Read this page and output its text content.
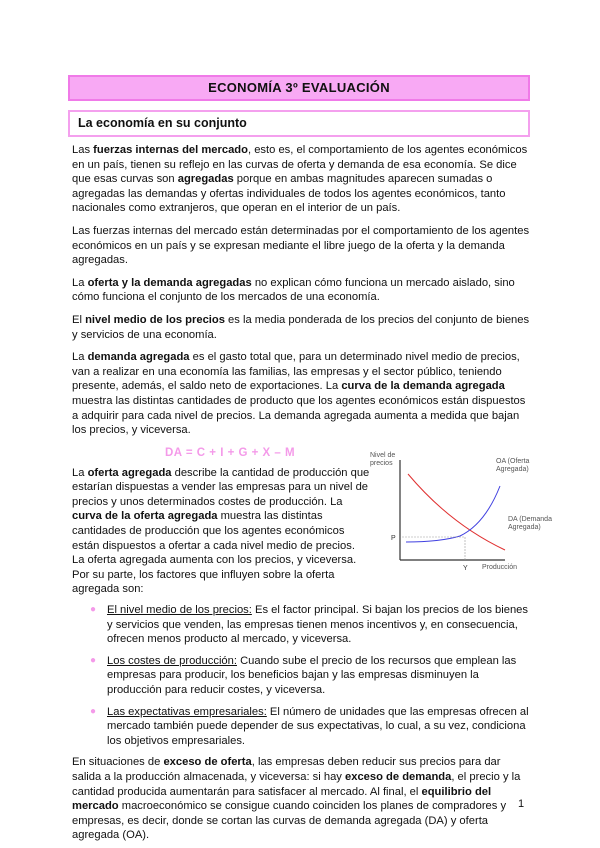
ECONOMÍA 3º EVALUACIÓN
La economía en su conjunto

Las fuerzas internas del mercado, esto es, el comportamiento de los agentes económicos en un país, tienen su reflejo en las curvas de oferta y demanda de esa economía. Se dice que esas curvas son agregadas porque en ambas magnitudes aparecen sumadas o agregadas las demandas y ofertas individuales de todos los agentes económicos, tanto nacionales como extranjeros, que operan en el interior de un país.

Las fuerzas internas del mercado están determinadas por el comportamiento de los agentes económicos en un país y se expresan mediante el libre juego de la oferta y la demanda agregadas.

La oferta y la demanda agregadas no explican cómo funciona un mercado aislado, sino cómo funciona el conjunto de los mercados de una economía.

El nivel medio de los precios es la media ponderada de los precios del conjunto de bienes y servicios de una economía.

La demanda agregada es el gasto total que, para un determinado nivel medio de precios, van a realizar en una economía las familias, las empresas y el sector público, teniendo presente, además, el saldo neto de exportaciones. La curva de la demanda agregada muestra las distintas cantidades de producto que los agentes económicos están dispuestos a adquirir para cada nivel de precios. La demanda agregada aumenta a medida que bajan los precios, y viceversa.

DA = C + I + G + X – M

La oferta agregada describe la cantidad de producción que estarían dispuestas a vender las empresas para un nivel de precios y unos determinados costes de producción. La curva de la oferta agregada muestra las distintas cantidades de producción que los agentes económicos están dispuestos a ofertar a cada nivel medio de precios. La oferta agregada aumenta con los precios, y viceversa. Por su parte, los factores que influyen sobre la oferta agregada son:

P
Y
Nivel de precios
Producción
OA (Oferta Agregada)
DA (Demanda Agregada)
● El nivel medio de los precios: Es el factor principal. Si bajan los precios de los bienes y servicios que venden, las empresas tienen menos incentivos y, en consecuencia, ofrecen menos producto al mercado, y viceversa.
● Los costes de producción: Cuando sube el precio de los recursos que emplean las empresas para producir, los beneficios bajan y las empresas disminuyen la producción para reducir costes, y viceversa.
● Las expectativas empresariales: El número de unidades que las empresas ofrecen al mercado también puede depender de sus expectativas, lo cual, a su vez, condiciona los objetivos empresariales.

En situaciones de exceso de oferta, las empresas deben reducir sus precios para dar salida a la producción almacenada, y viceversa: si hay exceso de demanda, el precio y la cantidad producida aumentarán para satisfacer al mercado. Al final, el equilibrio del mercado macroeconómico se consigue cuando coinciden los planes de compradores y empresas, es decir, donde se cortan las curvas de demanda agregada (DA) y oferta agregada (OA).

1
